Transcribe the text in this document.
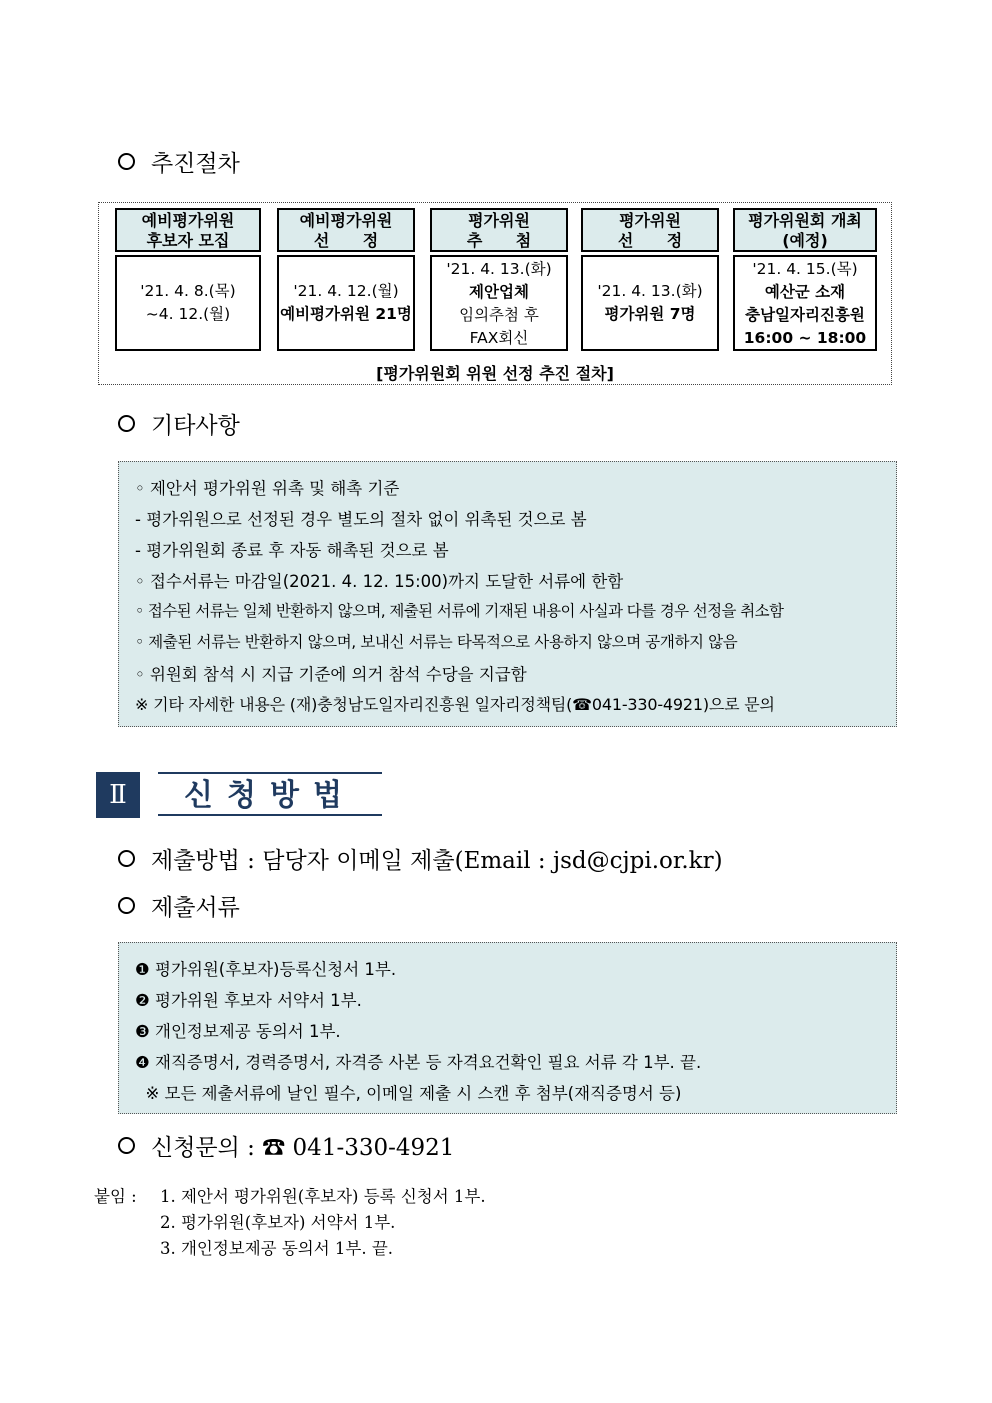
추진절차
예비평가위원
후보자 모집
'21. 4. 8.(목)
~4. 12.(월)
예비평가위원
선      정
'21. 4. 12.(월)
예비평가위원 21명
평가위원
추      첨
'21. 4. 13.(화)
제안업체
임의추첨 후
FAX회신
평가위원
선      정
'21. 4. 13.(화)
평가위원 7명
평가위원회 개최
(예정)
'21. 4. 15.(목)
예산군 소재
충남일자리진흥원
16:00 ~ 18:00
[평가위원회 위원 선정 추진 절차]
기타사항
◦ 제안서 평가위원 위촉 및 해촉 기준
- 평가위원으로 선정된 경우 별도의 절차 없이 위촉된 것으로 봄
- 평가위원회 종료 후 자동 해촉된 것으로 봄
◦ 접수서류는 마감일(2021. 4. 12. 15:00)까지 도달한 서류에 한함
◦ 접수된 서류는 일체 반환하지 않으며, 제출된 서류에 기재된 내용이 사실과 다를 경우 선정을 취소함
◦ 제출된 서류는 반환하지 않으며, 보내신 서류는 타목적으로 사용하지 않으며 공개하지 않음
◦ 위원회 참석 시 지급 기준에 의거 참석 수당을 지급함
※ 기타 자세한 내용은 (재)충청남도일자리진흥원 일자리정책팀(☎041-330-4921)으로 문의
Ⅱ	신청방법
제출방법 : 담당자 이메일 제출(Email : jsd@cjpi.or.kr)
제출서류
❶ 평가위원(후보자)등록신청서 1부.
❷ 평가위원 후보자 서약서 1부.
❸ 개인정보제공 동의서 1부.
❹ 재직증명서, 경력증명서, 자격증 사본 등 자격요건확인 필요 서류 각 1부. 끝.
※ 모든 제출서류에 날인 필수, 이메일 제출 시 스캔 후 첨부(재직증명서 등)
신청문의 : ☎ 041-330-4921
붙임 : 1. 제안서 평가위원(후보자) 등록 신청서 1부.
2. 평가위원(후보자) 서약서 1부.
3. 개인정보제공 동의서 1부. 끝.
